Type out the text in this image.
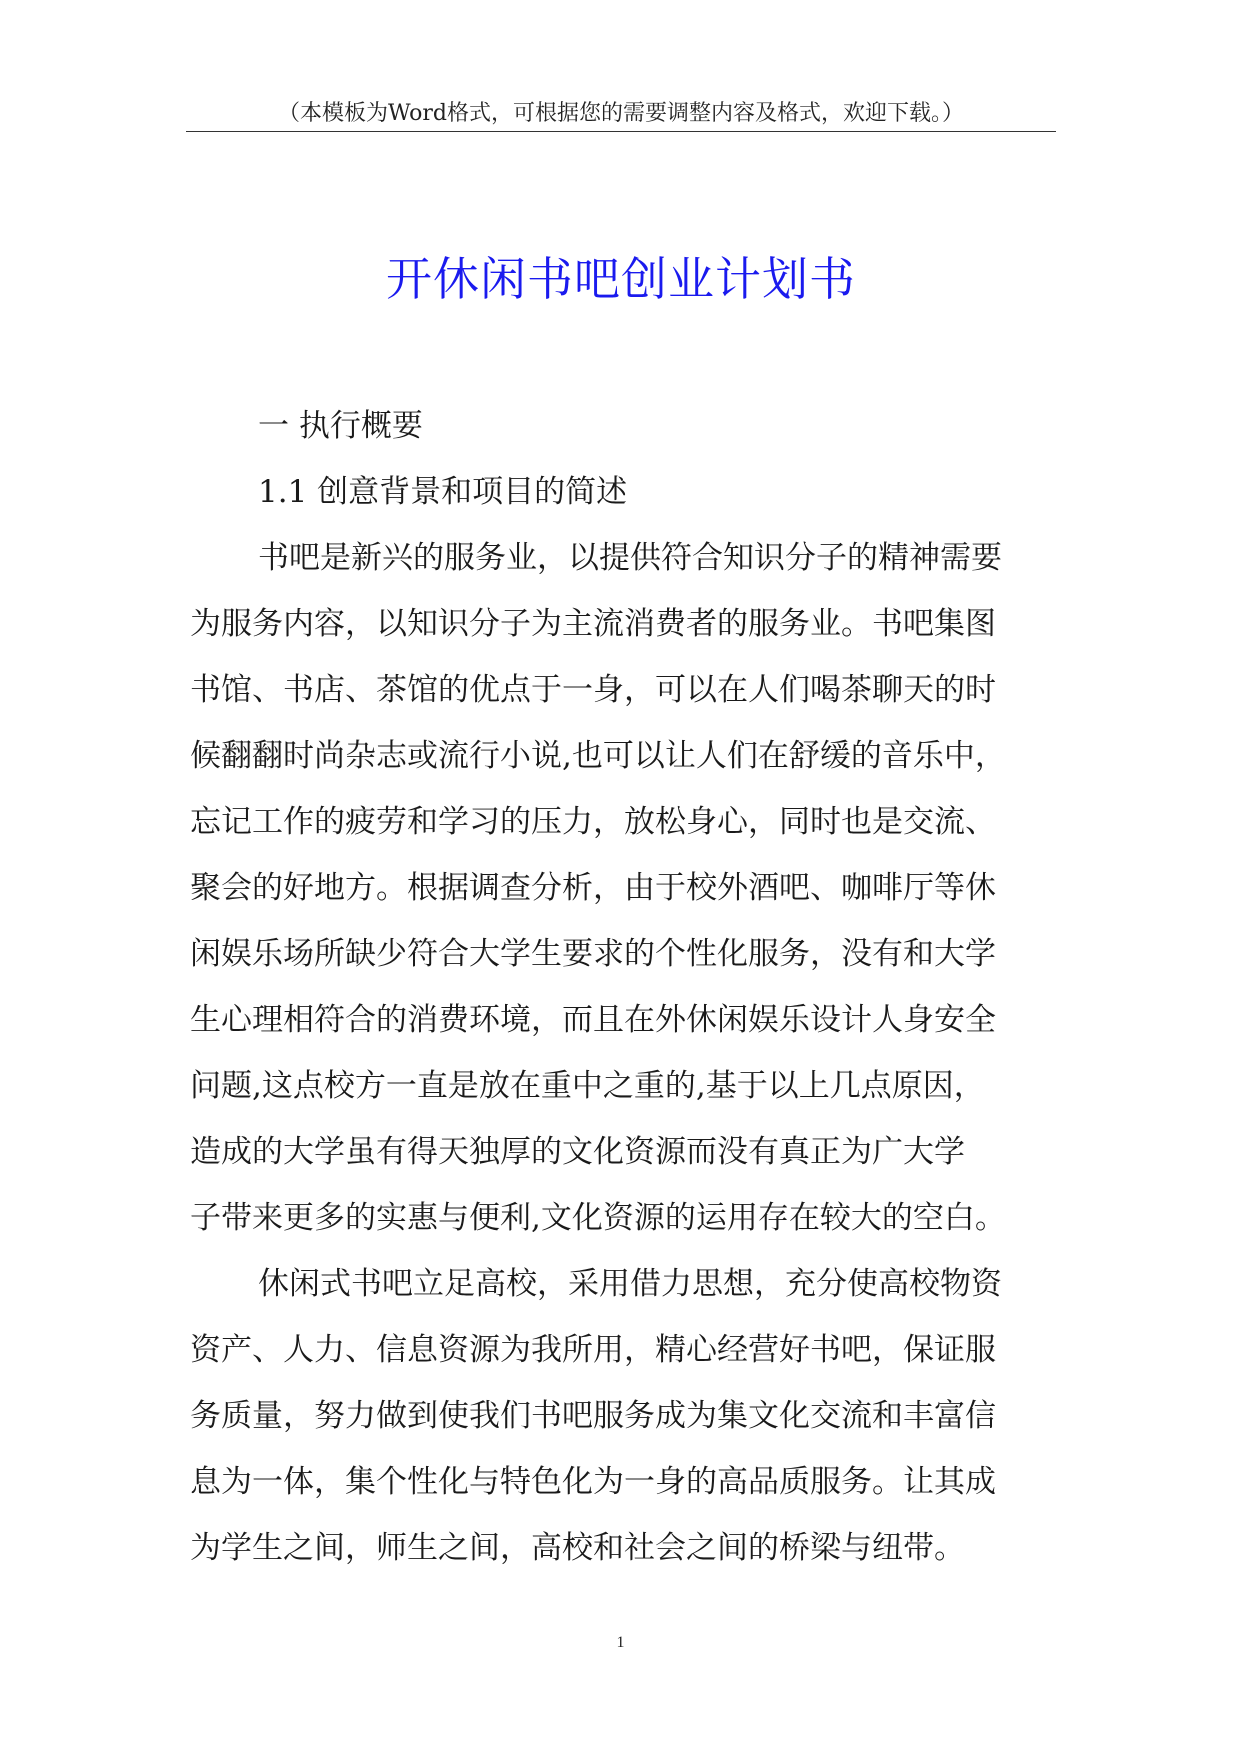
（本模板为Word格式，可根据您的需要调整内容及格式，欢迎下载。）
开休闲书吧创业计划书
一 执行概要
1.1 创意背景和项目的简述
书吧是新兴的服务业，以提供符合知识分子的精神需要
为服务内容，以知识分子为主流消费者的服务业。书吧集图
书馆、书店、茶馆的优点于一身，可以在人们喝茶聊天的时
候翻翻时尚杂志或流行小说,也可以让人们在舒缓的音乐中，
忘记工作的疲劳和学习的压力，放松身心，同时也是交流、
聚会的好地方。根据调查分析，由于校外酒吧、咖啡厅等休
闲娱乐场所缺少符合大学生要求的个性化服务，没有和大学
生心理相符合的消费环境，而且在外休闲娱乐设计人身安全
问题,这点校方一直是放在重中之重的,基于以上几点原因，
造成的大学虽有得天独厚的文化资源而没有真正为广大学
子带来更多的实惠与便利,文化资源的运用存在较大的空白。
休闲式书吧立足高校，采用借力思想，充分使高校物资
资产、人力、信息资源为我所用，精心经营好书吧，保证服
务质量，努力做到使我们书吧服务成为集文化交流和丰富信
息为一体，集个性化与特色化为一身的高品质服务。让其成
为学生之间，师生之间，高校和社会之间的桥梁与纽带。
1
